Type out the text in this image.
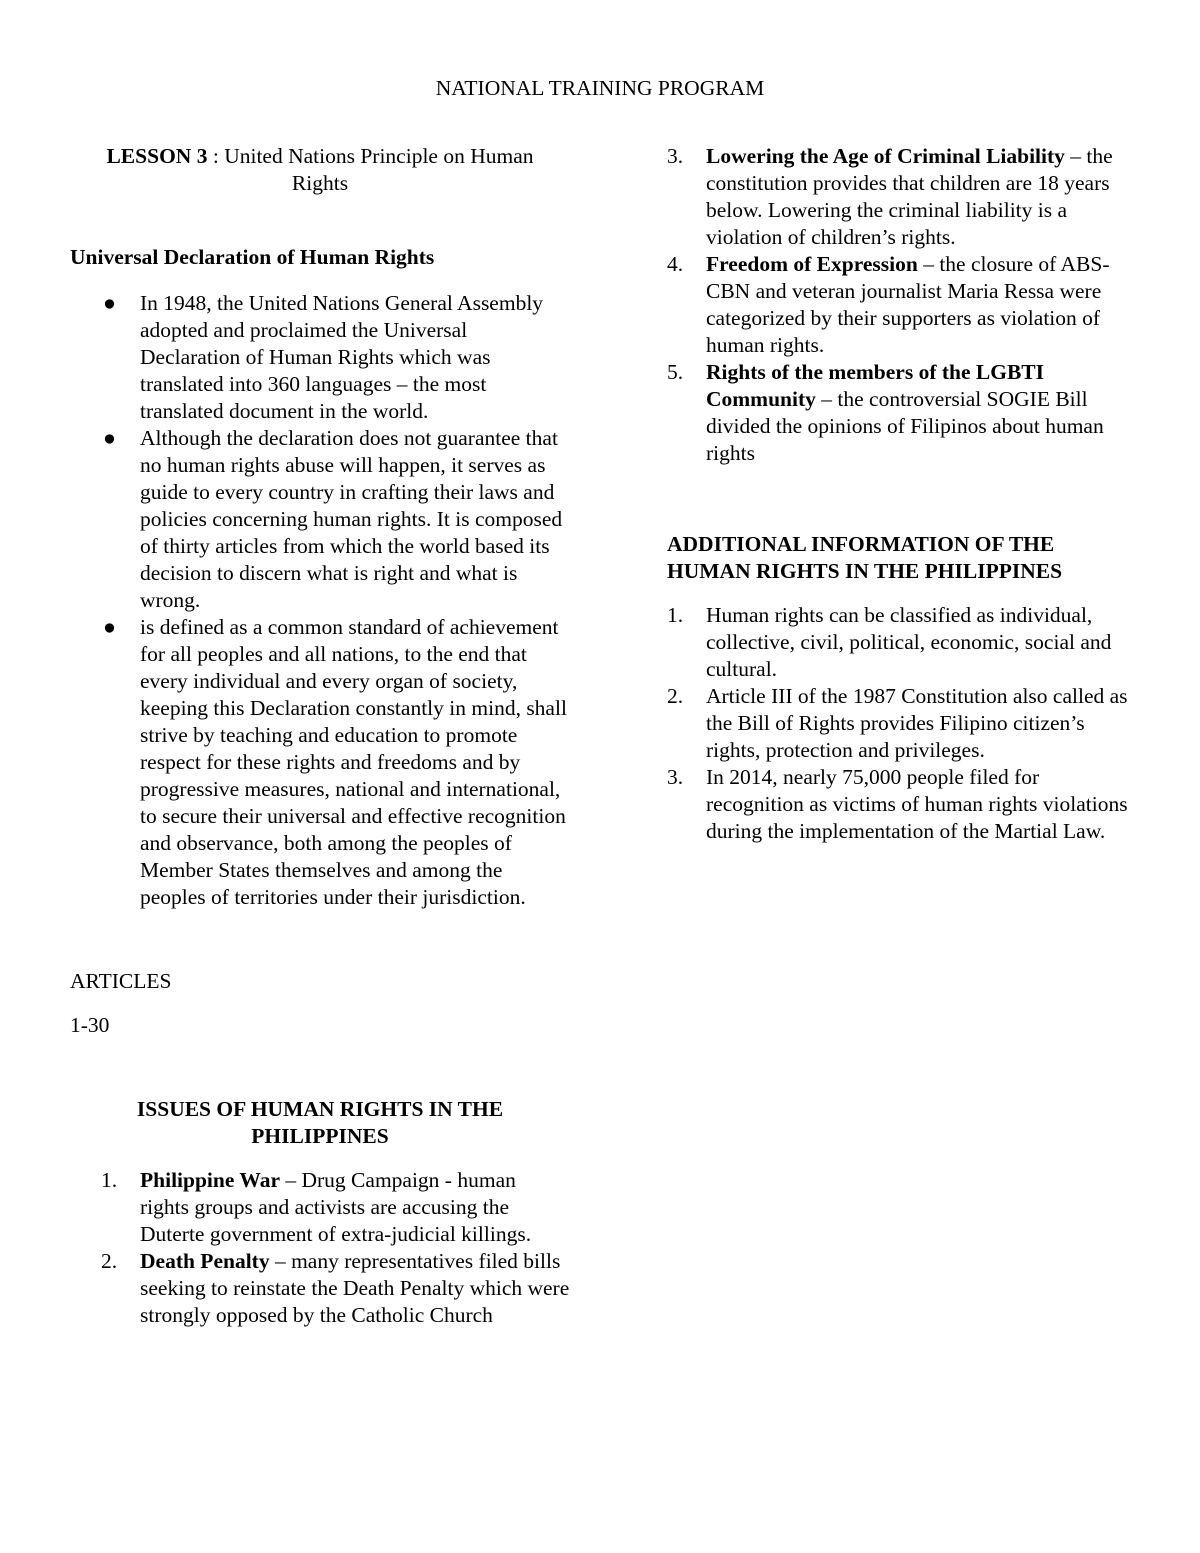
NATIONAL TRAINING PROGRAM
LESSON 3 : United Nations Principle on Human Rights
Universal Declaration of Human Rights
● In 1948, the United Nations General Assembly adopted and proclaimed the Universal Declaration of Human Rights which was translated into 360 languages – the most translated document in the world.
● Although the declaration does not guarantee that no human rights abuse will happen, it serves as guide to every country in crafting their laws and policies concerning human rights. It is composed of thirty articles from which the world based its decision to discern what is right and what is wrong.
● is defined as a common standard of achievement for all peoples and all nations, to the end that every individual and every organ of society, keeping this Declaration constantly in mind, shall strive by teaching and education to promote respect for these rights and freedoms and by progressive measures, national and international, to secure their universal and effective recognition and observance, both among the peoples of Member States themselves and among the peoples of territories under their jurisdiction.
ARTICLES
1-30
ISSUES OF HUMAN RIGHTS IN THE PHILIPPINES
1.	Philippine War – Drug Campaign - human rights groups and activists are accusing the Duterte government of extra-judicial killings.
2.	Death Penalty – many representatives filed bills seeking to reinstate the Death Penalty which were strongly opposed by the Catholic Church
3.	Lowering the Age of Criminal Liability – the constitution provides that children are 18 years below. Lowering the criminal liability is a violation of children’s rights.
4.	Freedom of Expression – the closure of ABS-CBN and veteran journalist Maria Ressa were categorized by their supporters as violation of human rights.
5.	Rights of the members of the LGBTI Community – the controversial SOGIE Bill divided the opinions of Filipinos about human rights
ADDITIONAL INFORMATION OF THE HUMAN RIGHTS IN THE PHILIPPINES
1.	Human rights can be classified as individual, collective, civil, political, economic, social and cultural.
2.	Article III of the 1987 Constitution also called as the Bill of Rights provides Filipino citizen’s rights, protection and privileges.
3.	In 2014, nearly 75,000 people filed for recognition as victims of human rights violations during the implementation of the Martial Law.
